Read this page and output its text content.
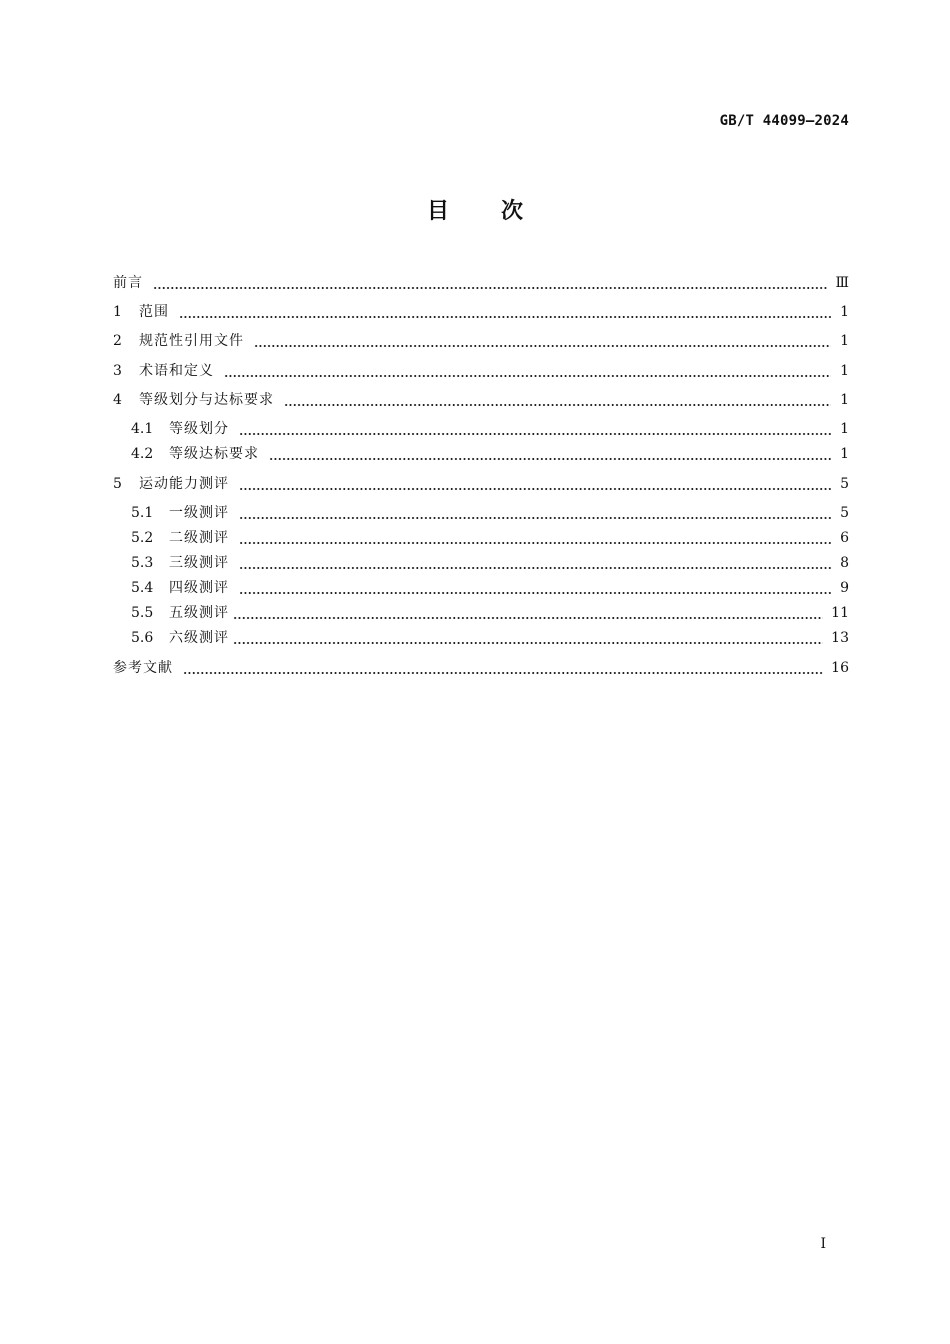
GB/T 44099—2024
目次
前言	Ⅲ
1	范围	1
2	规范性引用文件	1
3	术语和定义	1
4	等级划分与达标要求	1
4.1	等级划分	1
4.2	等级达标要求	1
5	运动能力测评	5
5.1	一级测评	5
5.2	二级测评	6
5.3	三级测评	8
5.4	四级测评	9
5.5	五级测评	11
5.6	六级测评	13
参考文献	16
I
